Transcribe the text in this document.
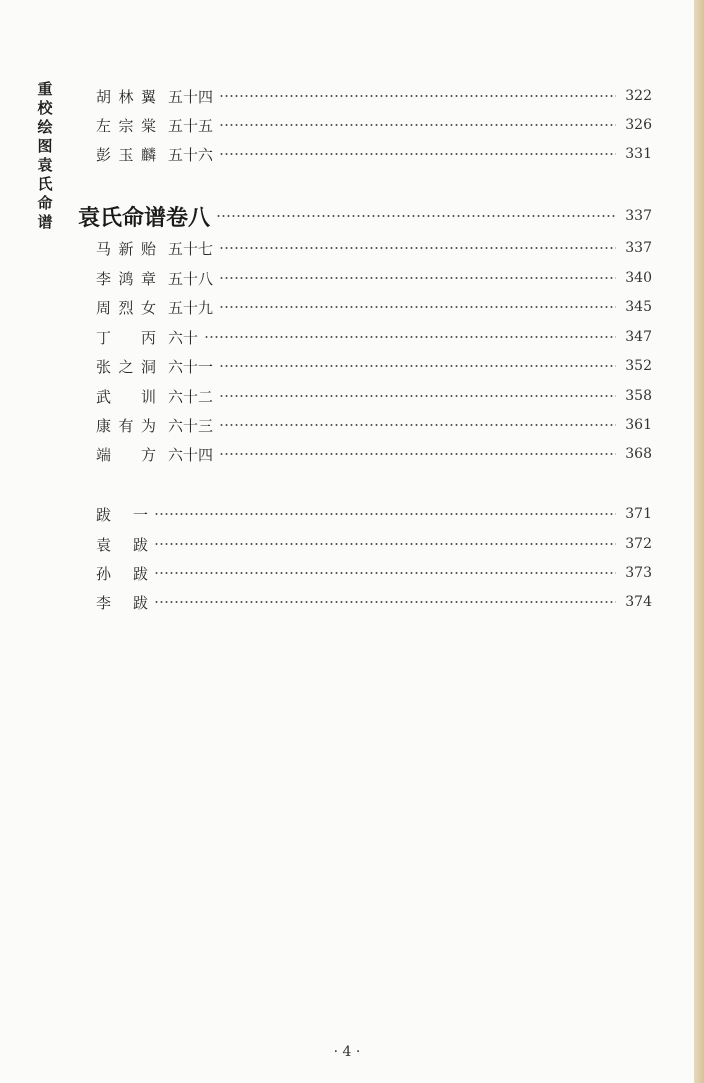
重校绘图袁氏命谱
胡林翼 五十四	322
左宗棠 五十五	326
彭玉麟 五十六	331
袁氏命谱卷八	337
马新贻 五十七	337
李鸿章 五十八	340
周烈女 五十九	345
丁丙 六十	347
张之洞 六十一	352
武训 六十二	358
康有为 六十三	361
端方 六十四	368
跋一	371
袁跋	372
孙跋	373
李跋	374
· 4 ·
